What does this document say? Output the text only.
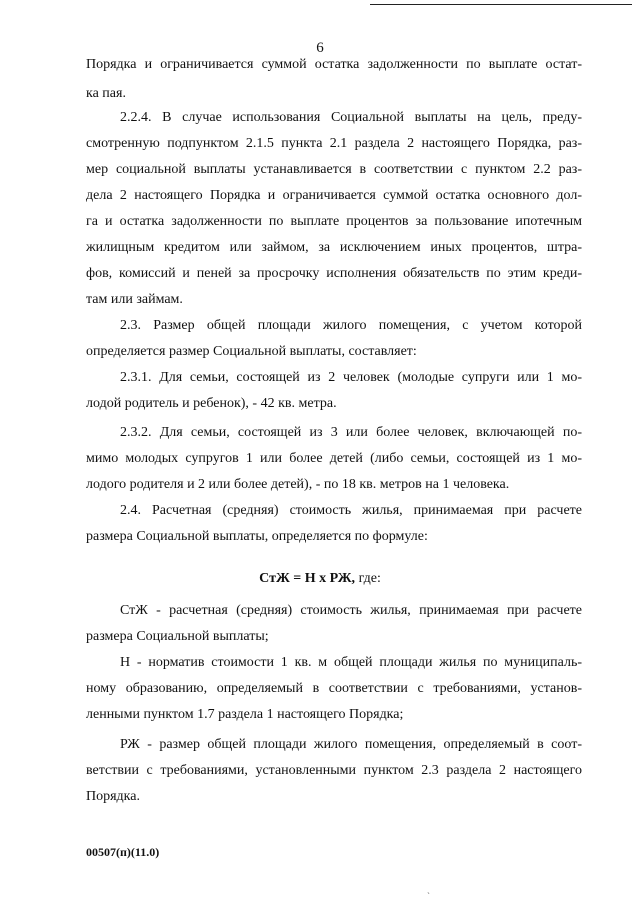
6
Порядка и ограничивается суммой остатка задолженности по выплате остат-
ка пая.
2.2.4. В случае использования Социальной выплаты на цель, преду-
смотренную подпунктом 2.1.5 пункта 2.1 раздела 2 настоящего Порядка, раз-
мер социальной выплаты устанавливается в соответствии с пунктом 2.2 раз-
дела 2 настоящего Порядка и ограничивается суммой остатка основного дол-
га и остатка задолженности по выплате процентов за пользование ипотечным
жилищным кредитом или займом, за исключением иных процентов, штра-
фов, комиссий и пеней за просрочку исполнения обязательств по этим креди-
там или займам.
2.3. Размер общей площади жилого помещения, с учетом которой
определяется размер Социальной выплаты, составляет:
2.3.1. Для семьи, состоящей из 2 человек (молодые супруги или 1 мо-
лодой родитель и ребенок), - 42 кв. метра.
2.3.2. Для семьи, состоящей из 3 или более человек, включающей по-
мимо молодых супругов 1 или более детей (либо семьи, состоящей из 1 мо-
лодого родителя и 2 или более детей), - по 18 кв. метров на 1 человека.
2.4. Расчетная (средняя) стоимость жилья, принимаемая при расчете
размера Социальной выплаты, определяется по формуле:
СтЖ - расчетная (средняя) стоимость жилья, принимаемая при расчете
размера Социальной выплаты;
Н - норматив стоимости 1 кв. м общей площади жилья по муниципаль-
ному образованию, определяемый в соответствии с требованиями, установ-
ленными пунктом 1.7 раздела 1 настоящего Порядка;
РЖ - размер общей площади жилого помещения, определяемый в соот-
ветствии с требованиями, установленными пунктом 2.3 раздела 2 настоящего
Порядка.
СтЖ = Н х РЖ, где:
00507(п)(11.0)
ˎ
